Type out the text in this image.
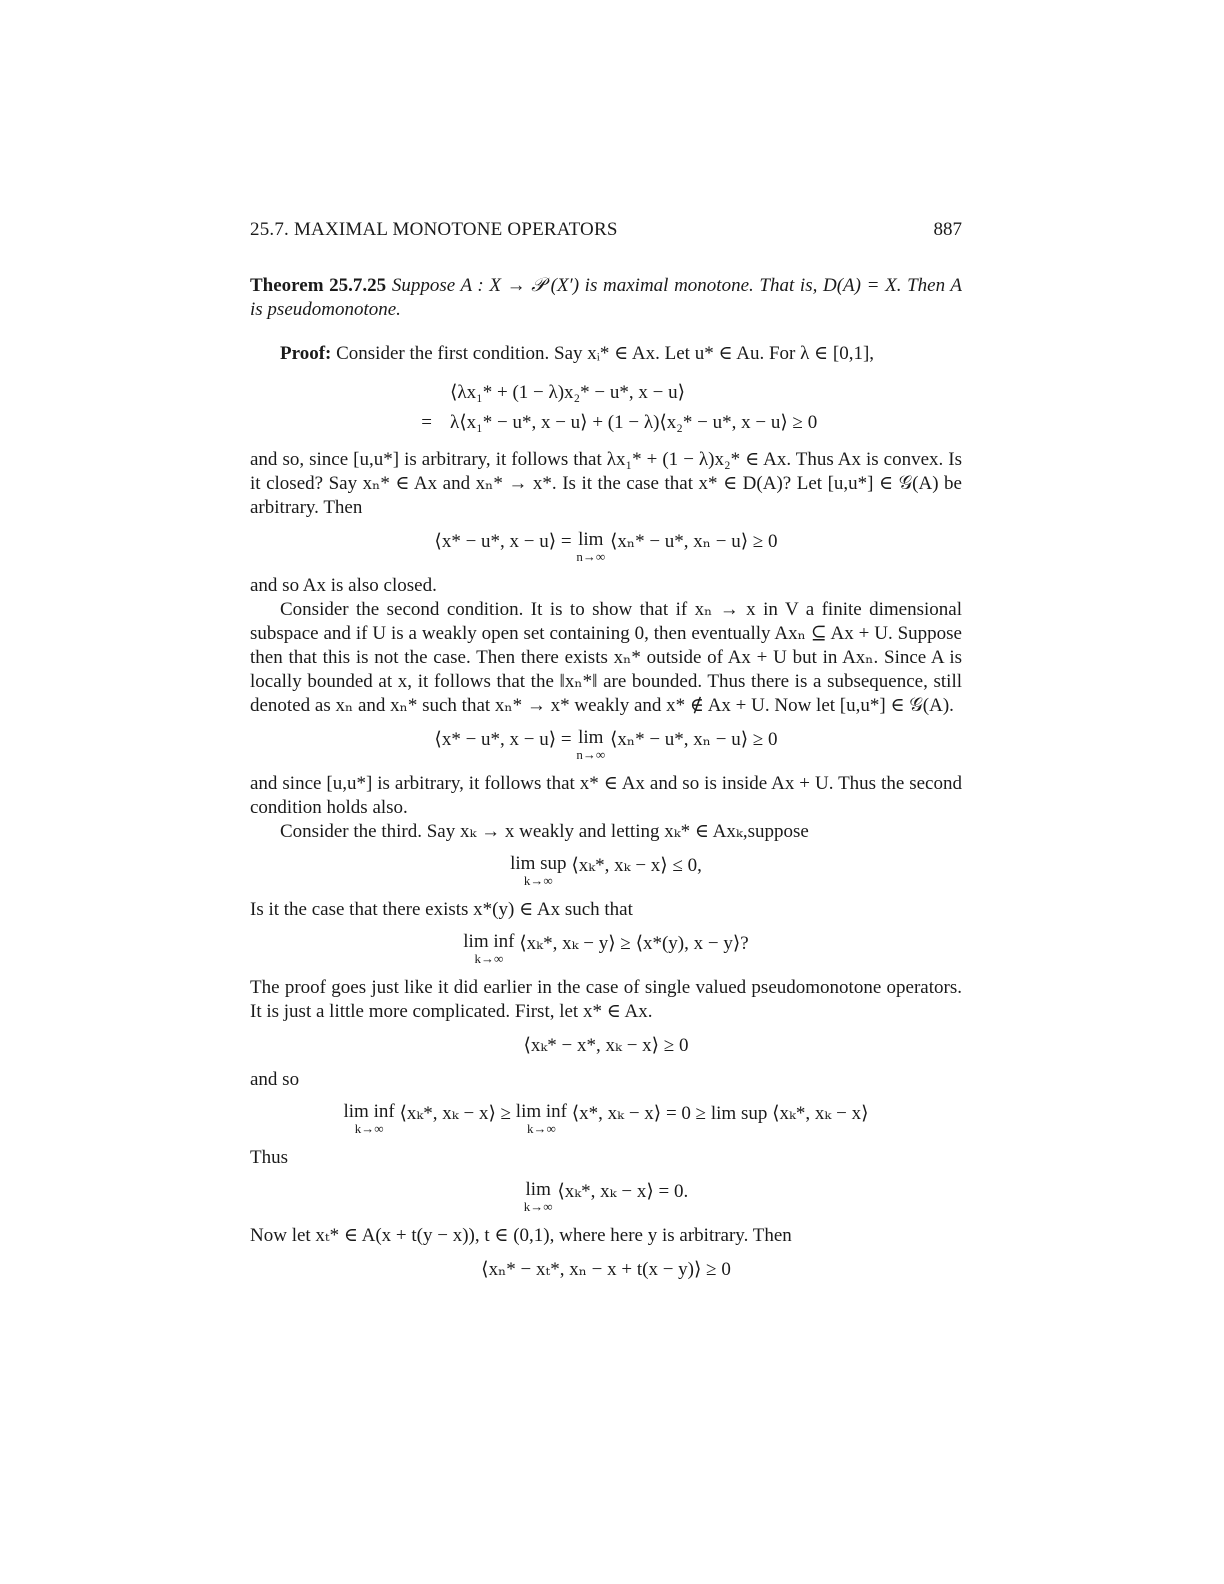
25.7. MAXIMAL MONOTONE OPERATORS	887
Theorem 25.7.25 Suppose A : X → 𝒫 (X′) is maximal monotone. That is, D(A) = X. Then A is pseudomonotone.

Proof: Consider the first condition. Say xᵢ* ∈ Ax. Let u* ∈ Au. For λ ∈ [0,1],

⟨λx₁* + (1 − λ)x₂* − u*, x − u⟩
= λ⟨x₁* − u*, x − u⟩ + (1 − λ)⟨x₂* − u*, x − u⟩ ≥ 0

and so, since [u,u*] is arbitrary, it follows that λx₁* + (1 − λ)x₂* ∈ Ax. Thus Ax is convex. Is it closed? Say xₙ* ∈ Ax and xₙ* → x*. Is it the case that x* ∈ D(A)? Let [u,u*] ∈ 𝒢(A) be arbitrary. Then

⟨x* − u*, x − u⟩ = lim
n→∞
⟨xₙ* − u*, xₙ − u⟩ ≥ 0

and so Ax is also closed.

Consider the second condition. It is to show that if xₙ → x in V a finite dimensional subspace and if U is a weakly open set containing 0, then eventually Axₙ ⊆ Ax + U. Suppose then that this is not the case. Then there exists xₙ* outside of Ax + U but in Axₙ. Since A is locally bounded at x, it follows that the ‖xₙ*‖ are bounded. Thus there is a subsequence, still denoted as xₙ and xₙ* such that xₙ* → x* weakly and x* ∉ Ax + U. Now let [u,u*] ∈ 𝒢(A).

⟨x* − u*, x − u⟩ = lim
n→∞
⟨xₙ* − u*, xₙ − u⟩ ≥ 0

and since [u,u*] is arbitrary, it follows that x* ∈ Ax and so is inside Ax + U. Thus the second condition holds also.

Consider the third. Say xₖ → x weakly and letting xₖ* ∈ Axₖ,suppose

lim sup
k→∞
⟨xₖ*, xₖ − x⟩ ≤ 0,

Is it the case that there exists x*(y) ∈ Ax such that

lim inf
k→∞
⟨xₖ*, xₖ − y⟩ ≥ ⟨x*(y), x − y⟩?

The proof goes just like it did earlier in the case of single valued pseudomonotone operators. It is just a little more complicated. First, let x* ∈ Ax.

⟨xₖ* − x*, xₖ − x⟩ ≥ 0

and so

lim inf
k→∞
⟨xₖ*, xₖ − x⟩ ≥ lim inf
k→∞
⟨x*, xₖ − x⟩ = 0 ≥ lim sup ⟨xₖ*, xₖ − x⟩

Thus

lim
k→∞
⟨xₖ*, xₖ − x⟩ = 0.

Now let xₜ* ∈ A(x + t(y − x)), t ∈ (0,1), where here y is arbitrary. Then

⟨xₙ* − xₜ*, xₙ − x + t(x − y)⟩ ≥ 0
